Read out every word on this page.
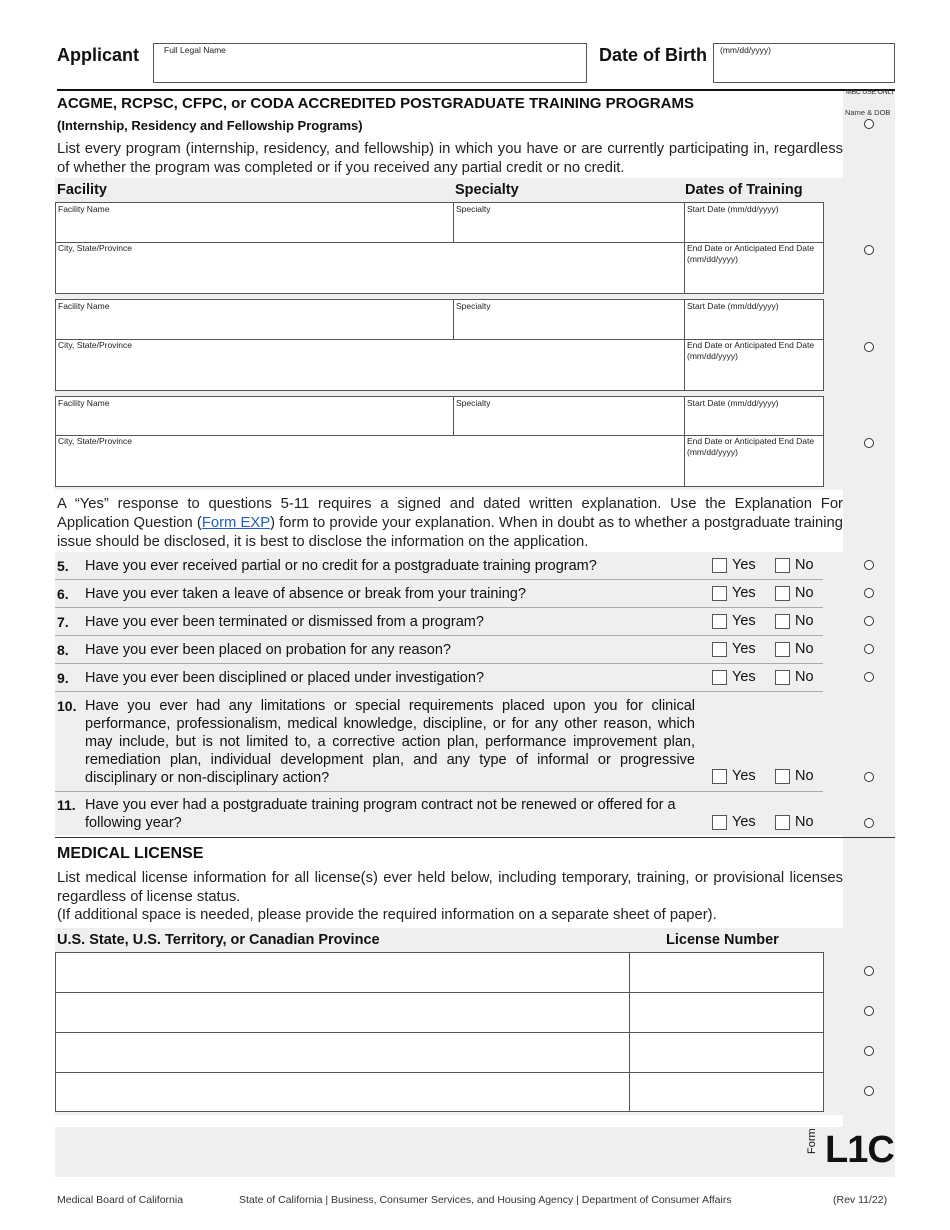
Applicant	Full Legal Name	Date of Birth (mm/dd/yyyy)
MBC USE ONLY
Name & DOB
ACGME, RCPSC, CFPC, or CODA ACCREDITED POSTGRADUATE TRAINING PROGRAMS
(Internship, Residency and Fellowship Programs)
List every program (internship, residency, and fellowship) in which you have or are currently participating in, regardless of whether the program was completed or if you received any partial credit or no credit.
Facility	Specialty	Dates of Training
Facility Name	Specialty	Start Date (mm/dd/yyyy)
City, State/Province	End Date or Anticipated End Date (mm/dd/yyyy)
Facility Name	Specialty	Start Date (mm/dd/yyyy)
City, State/Province	End Date or Anticipated End Date (mm/dd/yyyy)
Facility Name	Specialty	Start Date (mm/dd/yyyy)
City, State/Province	End Date or Anticipated End Date (mm/dd/yyyy)
A “Yes” response to questions 5-11 requires a signed and dated written explanation. Use the Explanation For Application Question (Form EXP) form to provide your explanation. When in doubt as to whether a postgraduate training issue should be disclosed, it is best to disclose the information on the application.
5. Have you ever received partial or no credit for a postgraduate training program?	Yes	No
6. Have you ever taken a leave of absence or break from your training?	Yes	No
7. Have you ever been terminated or dismissed from a program?	Yes	No
8. Have you ever been placed on probation for any reason?	Yes	No
9. Have you ever been disciplined or placed under investigation?	Yes	No
10. Have you ever had any limitations or special requirements placed upon you for clinical performance, professionalism, medical knowledge, discipline, or for any other reason, which may include, but is not limited to, a corrective action plan, performance improvement plan, remediation plan, individual development plan, and any type of informal or progressive disciplinary or non-disciplinary action?	Yes	No
11. Have you ever had a postgraduate training program contract not be renewed or offered for a following year?	Yes	No
MEDICAL LICENSE
List medical license information for all license(s) ever held below, including temporary, training, or provisional licenses regardless of license status.
(If additional space is needed, please provide the required information on a separate sheet of paper).
U.S. State, U.S. Territory, or Canadian Province	License Number
Form L1C
Medical Board of California	State of California | Business, Consumer Services, and Housing Agency | Department of Consumer Affairs	(Rev 11/22)
